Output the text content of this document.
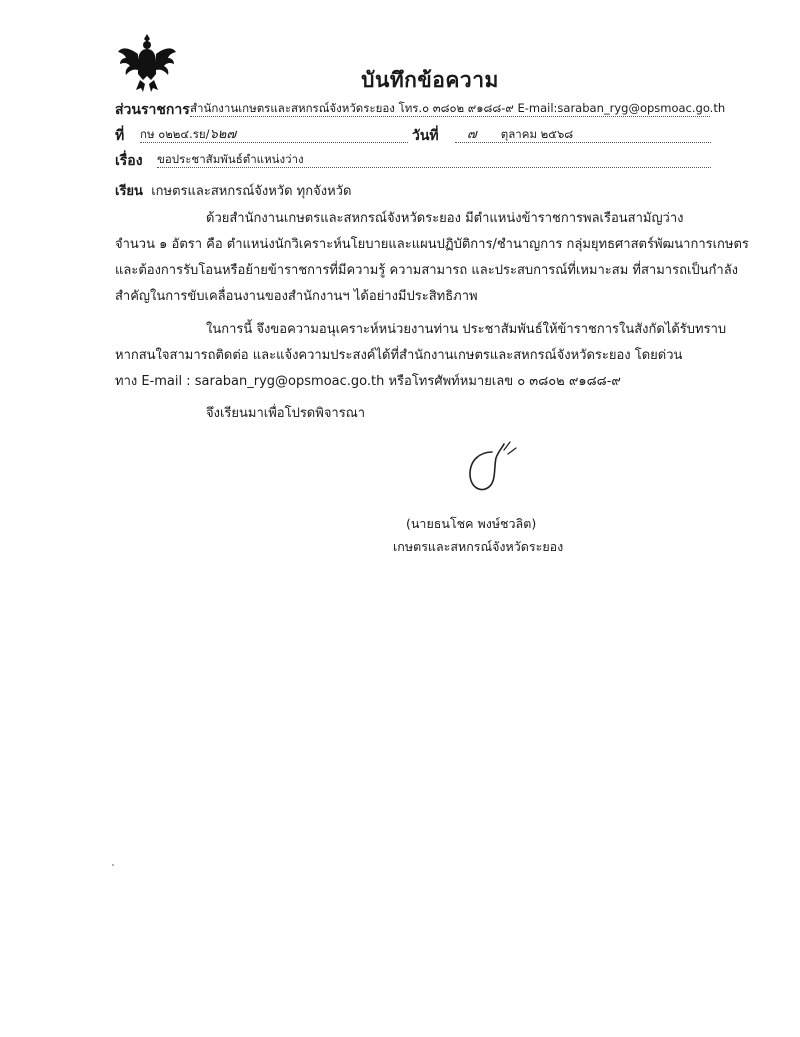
บันทึกข้อความ
ส่วนราชการ สำนักงานเกษตรและสหกรณ์จังหวัดระยอง โทร.๐ ๓๘๐๒ ๙๑๘๘-๙ E-mail:saraban_ryg@opsmoac.go.th
ที่ กษ ๐๒๒๔.รย/๖๒๗	วันที่	๗ ตุลาคม ๒๕๖๘
เรื่อง ขอประชาสัมพันธ์ตำแหน่งว่าง
เรียน เกษตรและสหกรณ์จังหวัด ทุกจังหวัด
ด้วยสำนักงานเกษตรและสหกรณ์จังหวัดระยอง มีตำแหน่งข้าราชการพลเรือนสามัญว่าง
จำนวน ๑ อัตรา คือ ตำแหน่งนักวิเคราะห์นโยบายและแผนปฏิบัติการ/ชำนาญการ กลุ่มยุทธศาสตร์พัฒนาการเกษตร
และต้องการรับโอนหรือย้ายข้าราชการที่มีความรู้ ความสามารถ และประสบการณ์ที่เหมาะสม ที่สามารถเป็นกำลัง
สำคัญในการขับเคลื่อนงานของสำนักงานฯ ได้อย่างมีประสิทธิภาพ
ในการนี้ จึงขอความอนุเคราะห์หน่วยงานท่าน ประชาสัมพันธ์ให้ข้าราชการในสังกัดได้รับทราบ
หากสนใจสามารถติดต่อ และแจ้งความประสงค์ได้ที่สำนักงานเกษตรและสหกรณ์จังหวัดระยอง โดยด่วน
ทาง E-mail : saraban_ryg@opsmoac.go.th หรือโทรศัพท์หมายเลข ๐ ๓๘๐๒ ๙๑๘๘-๙
จึงเรียนมาเพื่อโปรดพิจารณา
(นายธนโชค พงษ์ชวลิต)
เกษตรและสหกรณ์จังหวัดระยอง
